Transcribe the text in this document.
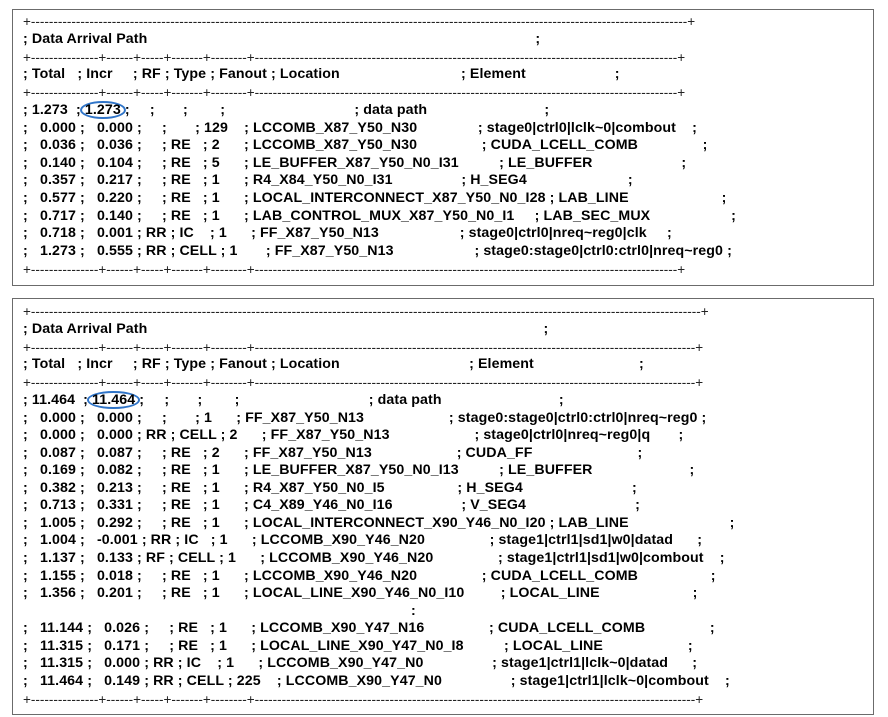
+--------------------------------------------------------------------------------------------------------------------------------------------------+
; Data Arrival Path                                                                                                ;
+---------------+------+-----+-------+--------+----------------------------------------------------------------------------------------------+
; Total   ; Incr     ; RF ; Type ; Fanout ; Location                              ; Element                      ;
+---------------+------+-----+-------+--------+----------------------------------------------------------------------------------------------+
; 1.273  ; 1.273 ;     ;       ;        ;                                ; data path                             ;
;   0.000 ;   0.000 ;     ;       ; 129    ; LCCOMB_X87_Y50_N30               ; stage0|ctrl0|lclk~0|combout    ;
;   0.036 ;   0.036 ;     ; RE   ; 2      ; LCCOMB_X87_Y50_N30                ; CUDA_LCELL_COMB                ;
;   0.140 ;   0.104 ;     ; RE   ; 5      ; LE_BUFFER_X87_Y50_N0_I31          ; LE_BUFFER                      ;
;   0.357 ;   0.217 ;     ; RE   ; 1      ; R4_X84_Y50_N0_I31                 ; H_SEG4                         ;
;   0.577 ;   0.220 ;     ; RE   ; 1      ; LOCAL_INTERCONNECT_X87_Y50_N0_I28 ; LAB_LINE                       ;
;   0.717 ;   0.140 ;     ; RE   ; 1      ; LAB_CONTROL_MUX_X87_Y50_N0_I1     ; LAB_SEC_MUX                    ;
;   0.718 ;   0.001 ; RR ; IC    ; 1      ; FF_X87_Y50_N13                    ; stage0|ctrl0|nreq~reg0|clk     ;
;   1.273 ;   0.555 ; RR ; CELL ; 1       ; FF_X87_Y50_N13                    ; stage0:stage0|ctrl0:ctrl0|nreq~reg0 ;
+---------------+------+-----+-------+--------+----------------------------------------------------------------------------------------------+
+-----------------------------------------------------------------------------------------------------------------------------------------------------+
; Data Arrival Path                                                                                                  ;
+---------------+------+-----+-------+--------+--------------------------------------------------------------------------------------------------+
; Total   ; Incr     ; RF ; Type ; Fanout ; Location                                ; Element                          ;
+---------------+------+-----+-------+--------+--------------------------------------------------------------------------------------------------+
; 11.464  ; 11.464 ;     ;       ;        ;                                ; data path                             ;
;   0.000 ;   0.000 ;     ;       ; 1      ; FF_X87_Y50_N13                     ; stage0:stage0|ctrl0:ctrl0|nreq~reg0 ;
;   0.000 ;   0.000 ; RR ; CELL ; 2      ; FF_X87_Y50_N13                     ; stage0|ctrl0|nreq~reg0|q       ;
;   0.087 ;   0.087 ;     ; RE   ; 2      ; FF_X87_Y50_N13                     ; CUDA_FF                          ;
;   0.169 ;   0.082 ;     ; RE   ; 1      ; LE_BUFFER_X87_Y50_N0_I13          ; LE_BUFFER                        ;
;   0.382 ;   0.213 ;     ; RE   ; 1      ; R4_X87_Y50_N0_I5                  ; H_SEG4                           ;
;   0.713 ;   0.331 ;     ; RE   ; 1      ; C4_X89_Y46_N0_I16                 ; V_SEG4                           ;
;   1.005 ;   0.292 ;     ; RE   ; 1      ; LOCAL_INTERCONNECT_X90_Y46_N0_I20 ; LAB_LINE                         ;
;   1.004 ;   -0.001 ; RR ; IC   ; 1      ; LCCOMB_X90_Y46_N20                ; stage1|ctrl1|sd1|w0|datad      ;
;   1.137 ;   0.133 ; RF ; CELL ; 1      ; LCCOMB_X90_Y46_N20                ; stage1|ctrl1|sd1|w0|combout    ;
;   1.155 ;   0.018 ;     ; RE   ; 1      ; LCCOMB_X90_Y46_N20                ; CUDA_LCELL_COMB                  ;
;   1.356 ;   0.201 ;     ; RE   ; 1      ; LOCAL_LINE_X90_Y46_N0_I10         ; LOCAL_LINE                       ;
:
;   11.144 ;   0.026 ;     ; RE   ; 1      ; LCCOMB_X90_Y47_N16                ; CUDA_LCELL_COMB                ;
;   11.315 ;   0.171 ;     ; RE   ; 1      ; LOCAL_LINE_X90_Y47_N0_I8          ; LOCAL_LINE                     ;
;   11.315 ;   0.000 ; RR ; IC    ; 1      ; LCCOMB_X90_Y47_N0                 ; stage1|ctrl1|lclk~0|datad      ;
;   11.464 ;   0.149 ; RR ; CELL ; 225    ; LCCOMB_X90_Y47_N0                 ; stage1|ctrl1|lclk~0|combout    ;
+---------------+------+-----+-------+--------+--------------------------------------------------------------------------------------------------+
